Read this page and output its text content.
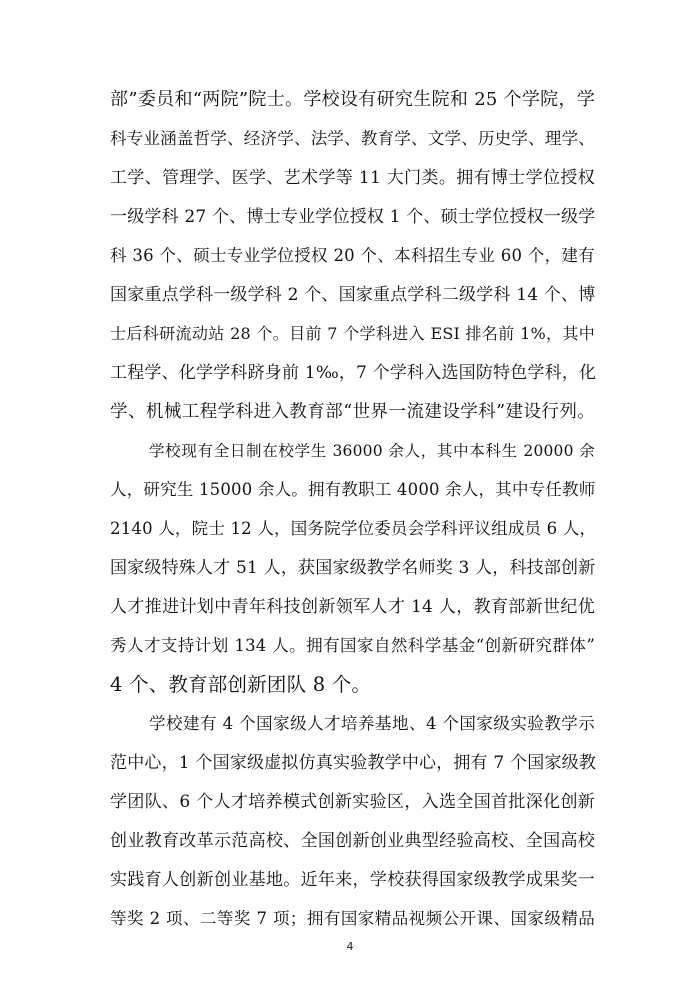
部”委员和“两院”院士。学校设有研究生院和 25 个学院，学
科专业涵盖哲学、经济学、法学、教育学、文学、历史学、理学、
工学、管理学、医学、艺术学等 11 大门类。拥有博士学位授权
一级学科 27 个、博士专业学位授权 1 个、硕士学位授权一级学
科 36 个、硕士专业学位授权 20 个、本科招生专业 60 个，建有
国家重点学科一级学科 2 个、国家重点学科二级学科 14 个、博
士后科研流动站 28 个。目前 7 个学科进入 ESI 排名前 1%，其中
工程学、化学学科跻身前 1‰，7 个学科入选国防特色学科，化
学、机械工程学科进入教育部“世界一流建设学科”建设行列。
学校现有全日制在校学生 36000 余人，其中本科生 20000 余
人，研究生 15000 余人。拥有教职工 4000 余人，其中专任教师
2140 人，院士 12 人，国务院学位委员会学科评议组成员 6 人，
国家级特殊人才 51 人，获国家级教学名师奖 3 人，科技部创新
人才推进计划中青年科技创新领军人才 14 人，教育部新世纪优
秀人才支持计划 134 人。拥有国家自然科学基金“创新研究群体”
4 个、教育部创新团队 8 个。
学校建有 4 个国家级人才培养基地、4 个国家级实验教学示
范中心，1 个国家级虚拟仿真实验教学中心，拥有 7 个国家级教
学团队、6 个人才培养模式创新实验区，入选全国首批深化创新
创业教育改革示范高校、全国创新创业典型经验高校、全国高校
实践育人创新创业基地。近年来，学校获得国家级教学成果奖一
等奖 2 项、二等奖 7 项；拥有国家精品视频公开课、国家级精品
4
